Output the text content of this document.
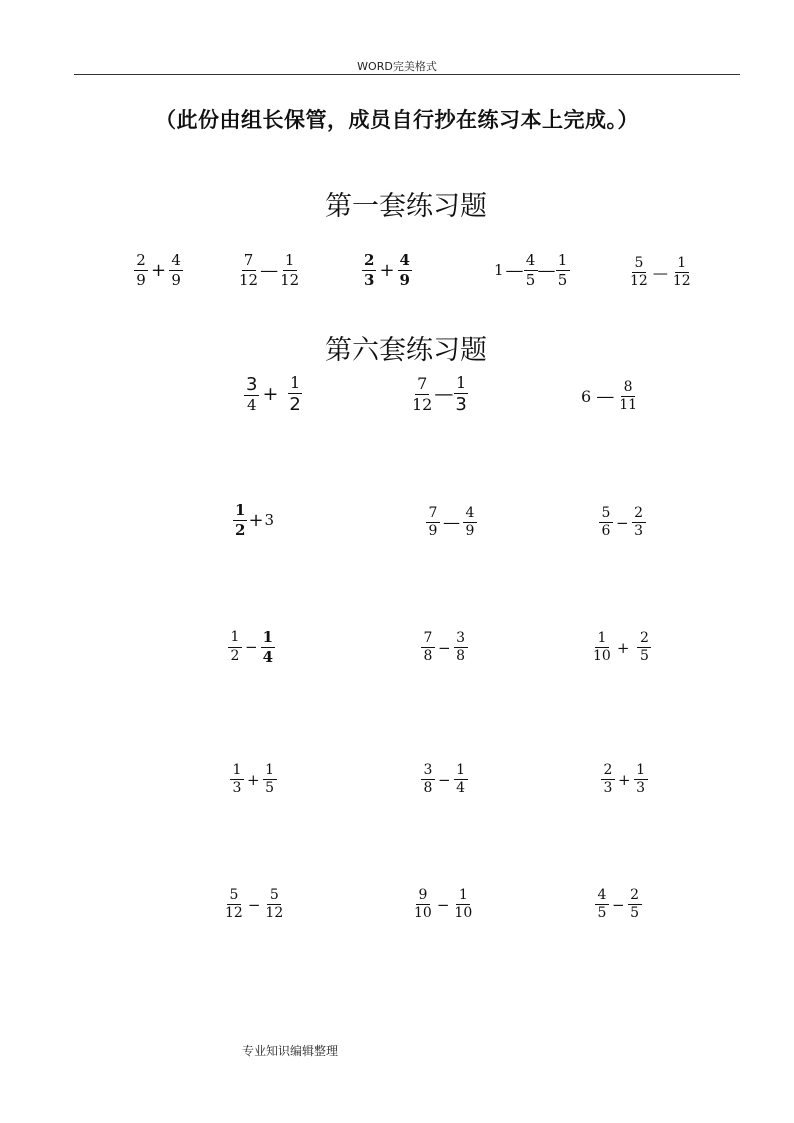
WORD完美格式
（此份由组长保管，成员自行抄在练习本上完成。）
第一套练习题
$\frac{2}{9} + \frac{4}{9}$	$\frac{7}{12}$ — $\frac{1}{12}$	$\frac{2}{3} + \frac{4}{9}$	1 — $\frac{4}{5}$ — $\frac{1}{5}$	$\frac{5}{12}$ — $\frac{1}{12}$
第六套练习题
$\frac{3}{4} + \frac{1}{2}$	$\frac{7}{12}$ — $\frac{1}{3}$	6 — $\frac{8}{11}$
$\frac{1}{2} + 3$	$\frac{7}{9}$ — $\frac{4}{9}$	$\frac{5}{6} - \frac{2}{3}$
$\frac{1}{2} - \frac{1}{4}$	$\frac{7}{8} - \frac{3}{8}$	$\frac{1}{10} + \frac{2}{5}$
$\frac{1}{3} + \frac{1}{5}$	$\frac{3}{8} - \frac{1}{4}$	$\frac{2}{3} + \frac{1}{3}$
$\frac{5}{12} - \frac{5}{12}$	$\frac{9}{10} - \frac{1}{10}$	$\frac{4}{5} - \frac{2}{5}$
专业知识编辑整理
